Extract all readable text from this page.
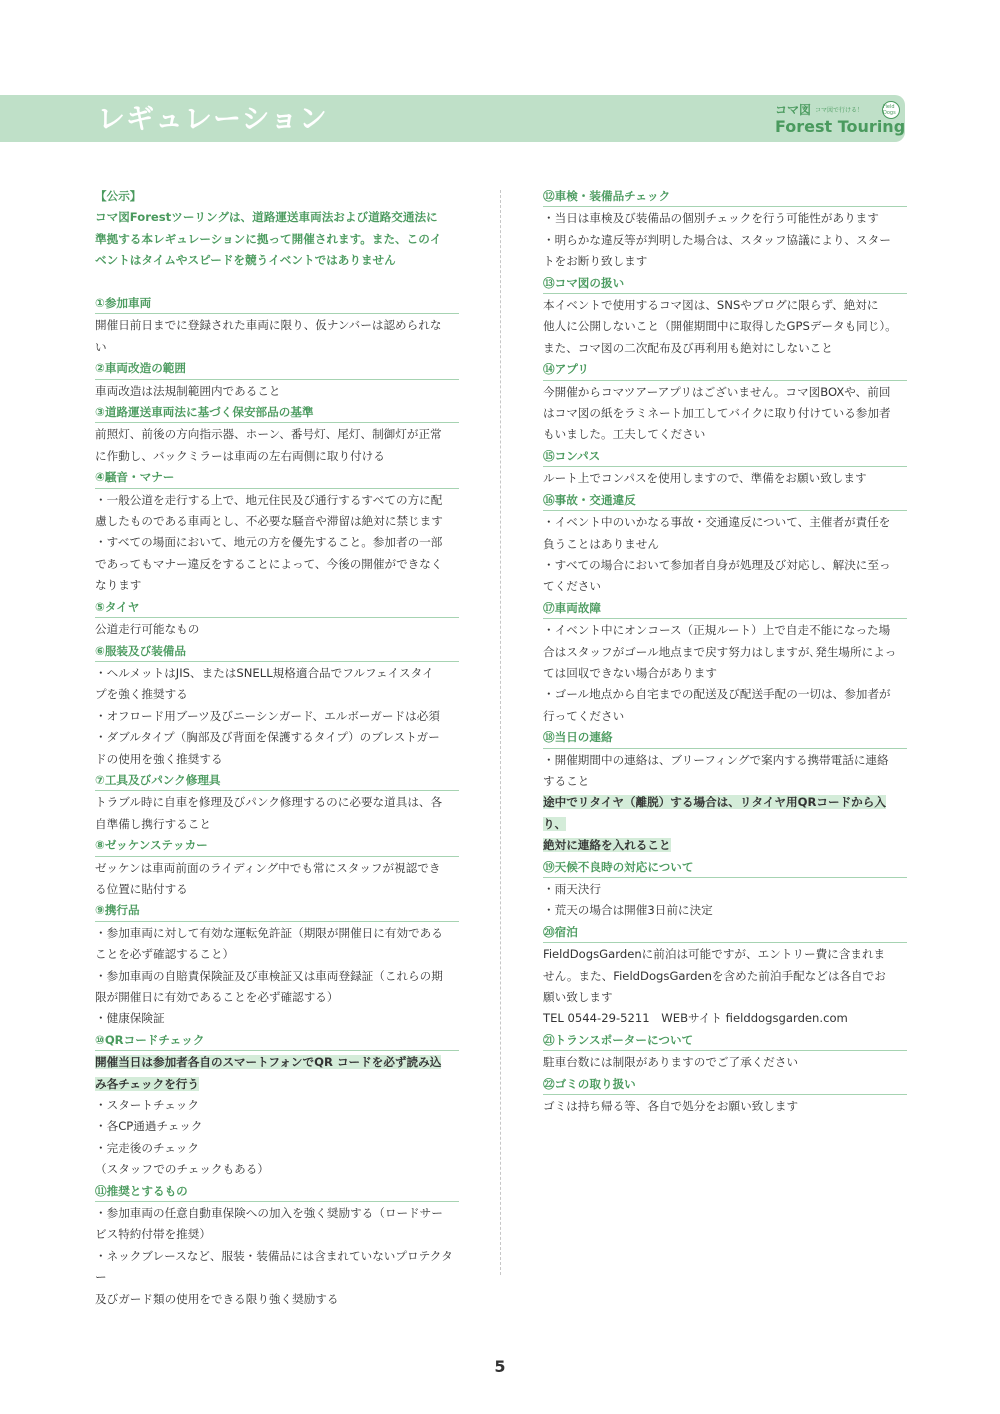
レギュレーション	コマ図 コマ図で行ける！	Field Dogs
Forest Touring
【公示】
コマ図Forestツーリングは、道路運送車両法および道路交通法に
準拠する本レギュレーションに拠って開催されます。また、このイ
ベントはタイムやスピードを競うイベントではありません
①参加車両
開催日前日までに登録された車両に限り、仮ナンバーは認められな
い
②車両改造の範囲
車両改造は法規制範囲内であること
③道路運送車両法に基づく保安部品の基準
前照灯、前後の方向指示器、ホーン、番号灯、尾灯、制御灯が正常
に作動し、バックミラーは車両の左右両側に取り付ける
④騒音・マナー
・一般公道を走行する上で、地元住民及び通行するすべての方に配
慮したものである車両とし、不必要な騒音や滞留は絶対に禁じます
・すべての場面において、地元の方を優先すること。参加者の一部
であってもマナー違反をすることによって、今後の開催ができなく
なります
⑤タイヤ
公道走行可能なもの
⑥服装及び装備品
・ヘルメットはJIS、またはSNELL規格適合品でフルフェイスタイ
プを強く推奨する
・オフロード用ブーツ及びニーシンガード、エルボーガードは必須
・ダブルタイプ（胸部及び背面を保護するタイプ）のブレストガー
ドの使用を強く推奨する
⑦工具及びパンク修理具
トラブル時に自車を修理及びパンク修理するのに必要な道具は、各
自準備し携行すること
⑧ゼッケンステッカー
ゼッケンは車両前面のライディング中でも常にスタッフが視認でき
る位置に貼付する
⑨携行品
・参加車両に対して有効な運転免許証（期限が開催日に有効である
ことを必ず確認すること）
・参加車両の自賠責保険証及び車検証又は車両登録証（これらの期
限が開催日に有効であることを必ず確認する）
・健康保険証
⑩QRコードチェック
開催当日は参加者各自のスマートフォンでQR コードを必ず読み込
み各チェックを行う
・スタートチェック
・各CP通過チェック
・完走後のチェック
（スタッフでのチェックもある）
⑪推奨とするもの
・参加車両の任意自動車保険への加入を強く奨励する（ロードサー
ビス特約付帯を推奨）
・ネックブレースなど、服装・装備品には含まれていないプロテクター
及びガード類の使用をできる限り強く奨励する
⑫車検・装備品チェック
・当日は車検及び装備品の個別チェックを行う可能性があります
・明らかな違反等が判明した場合は、スタッフ協議により、スター
トをお断り致します
⑬コマ図の扱い
本イベントで使用するコマ図は、SNSやブログに限らず、絶対に
他人に公開しないこと（開催期間中に取得したGPSデータも同じ）。
また、コマ図の二次配布及び再利用も絶対にしないこと
⑭アプリ
今開催からコマツアーアプリはございません。コマ図BOXや、前回
はコマ図の紙をラミネート加工してバイクに取り付けている参加者
もいました。工夫してください
⑮コンパス
ルート上でコンパスを使用しますので、準備をお願い致します
⑯事故・交通違反
・イベント中のいかなる事故・交通違反について、主催者が責任を
負うことはありません
・すべての場合において参加者自身が処理及び対応し、解決に至っ
てください
⑰車両故障
・イベント中にオンコース（正規ルート）上で自走不能になった場
合はスタッフがゴール地点まで戻す努力はしますが､発生場所によっ
ては回収できない場合があります
・ゴール地点から自宅までの配送及び配送手配の一切は、参加者が
行ってください
⑱当日の連絡
・開催期間中の連絡は、ブリーフィングで案内する携帯電話に連絡
すること
途中でリタイヤ（離脱）する場合は、リタイヤ用QRコードから入り、
絶対に連絡を入れること
⑲天候不良時の対応について
・雨天決行
・荒天の場合は開催3日前に決定
⑳宿泊
FieldDogsGardenに前泊は可能ですが、エントリー費に含まれま
せん。また、FieldDogsGardenを含めた前泊手配などは各自でお
願い致します
TEL 0544-29-5211　WEBサイト fielddogsgarden.com
㉑トランスポーターについて
駐車台数には制限がありますのでご了承ください
㉒ゴミの取り扱い
ゴミは持ち帰る等、各自で処分をお願い致します
5
